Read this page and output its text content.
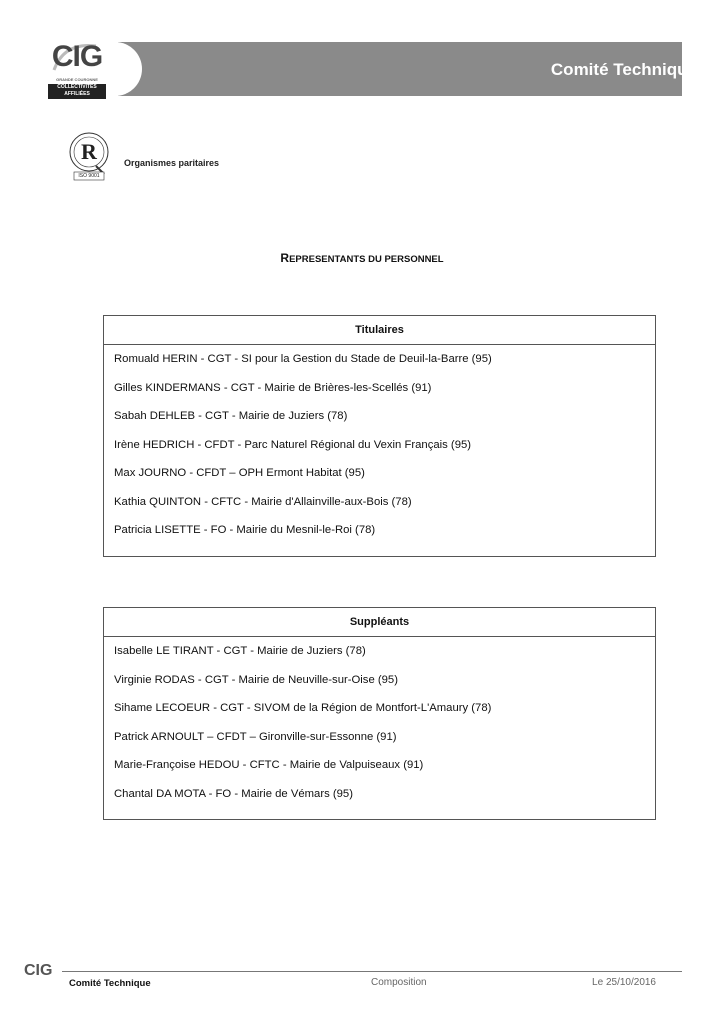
Comité Technique
CIG
GRANDE COURONNE
COLLECTIVITÉS
AFFILIÉES
R
ISO 9001
Organismes paritaires
REPRESENTANTS DU PERSONNEL
Titulaires
Romuald HERIN - CGT - SI pour la Gestion du Stade de Deuil-la-Barre (95)
Gilles KINDERMANS - CGT - Mairie de Brières-les-Scellés (91)
Sabah DEHLEB - CGT - Mairie de Juziers (78)
Irène HEDRICH - CFDT - Parc Naturel Régional du Vexin Français (95)
Max JOURNO - CFDT – OPH Ermont Habitat (95)
Kathia QUINTON - CFTC - Mairie d'Allainville-aux-Bois (78)
Patricia LISETTE - FO - Mairie du Mesnil-le-Roi (78)
Suppléants
Isabelle LE TIRANT - CGT - Mairie de Juziers (78)
Virginie RODAS - CGT - Mairie de Neuville-sur-Oise (95)
Sihame LECOEUR - CGT - SIVOM de la Région de Montfort-L'Amaury (78)
Patrick ARNOULT – CFDT – Gironville-sur-Essonne (91)
Marie-Françoise HEDOU - CFTC - Mairie de Valpuiseaux (91)
Chantal DA MOTA - FO - Mairie de Vémars (95)
CIG
Comité Technique	Composition	Le 25/10/2016
